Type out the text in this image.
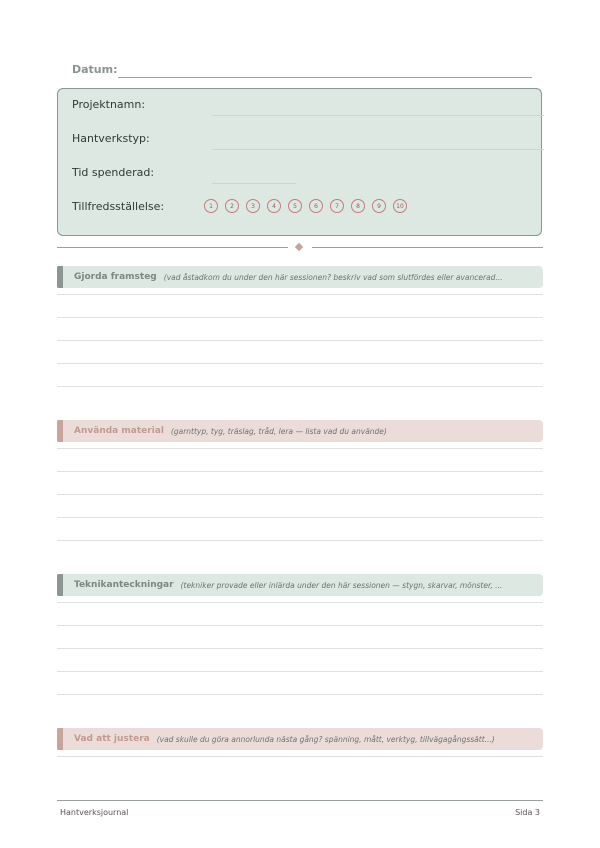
Datum:
Projektnamn:
Hantverkstyp:
Tid spenderad:
Tillfredsställelse:	1	2	3	4	5	6	7	8	9	10
Gjorda framsteg (vad åstadkom du under den här sessionen? beskriv vad som slutfördes eller avancerad...
Använda material (garnttyp, tyg, träslag, tråd, lera — lista vad du använde)
Teknikanteckningar (tekniker provade eller inlärda under den här sessionen — stygn, skarvar, mönster, ...
Vad att justera (vad skulle du göra annorlunda nästa gång? spänning, mått, verktyg, tillvägagångssätt...)
Hantverksjournal	Sida 3
